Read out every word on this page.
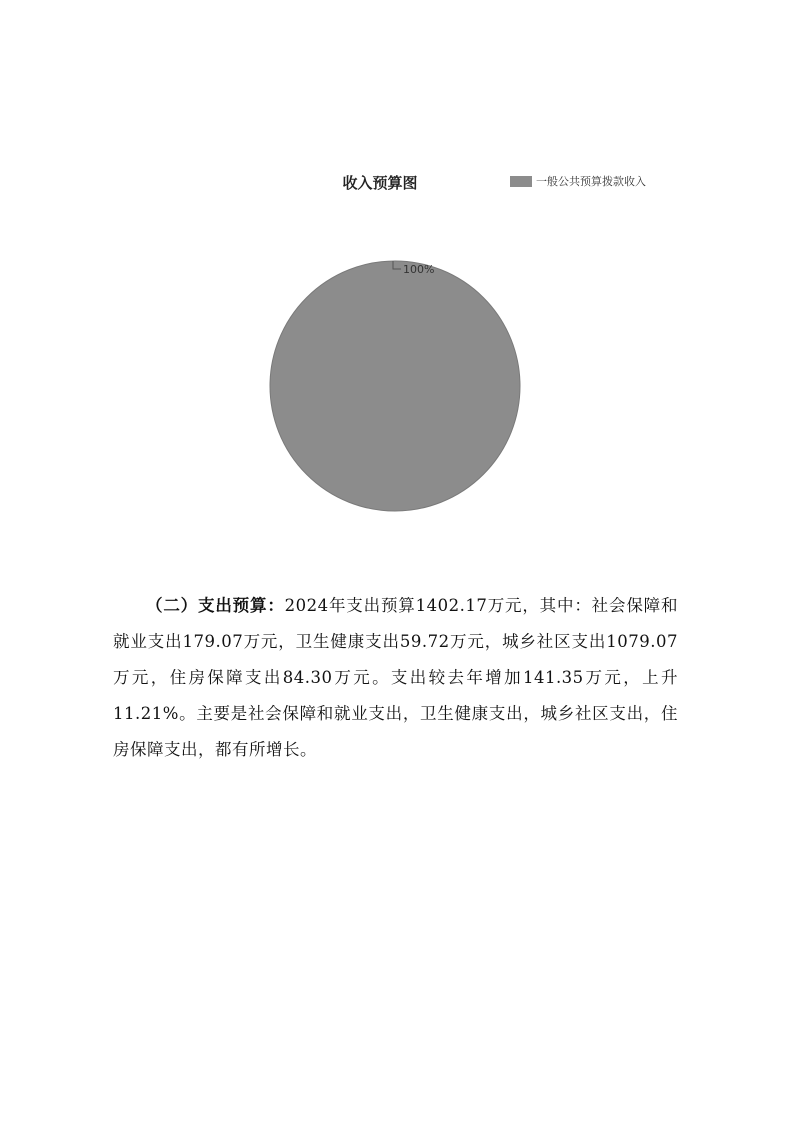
收入预算图	一般公共预算拨款收入
100%

（二）支出预算：2024年支出预算1402.17万元，其中：社会保障和就业支出179.07万元，卫生健康支出59.72万元，城乡社区支出1079.07万元，住房保障支出84.30万元。支出较去年增加141.35万元，上升11.21%。主要是社会保障和就业支出，卫生健康支出，城乡社区支出，住房保障支出，都有所增长。
